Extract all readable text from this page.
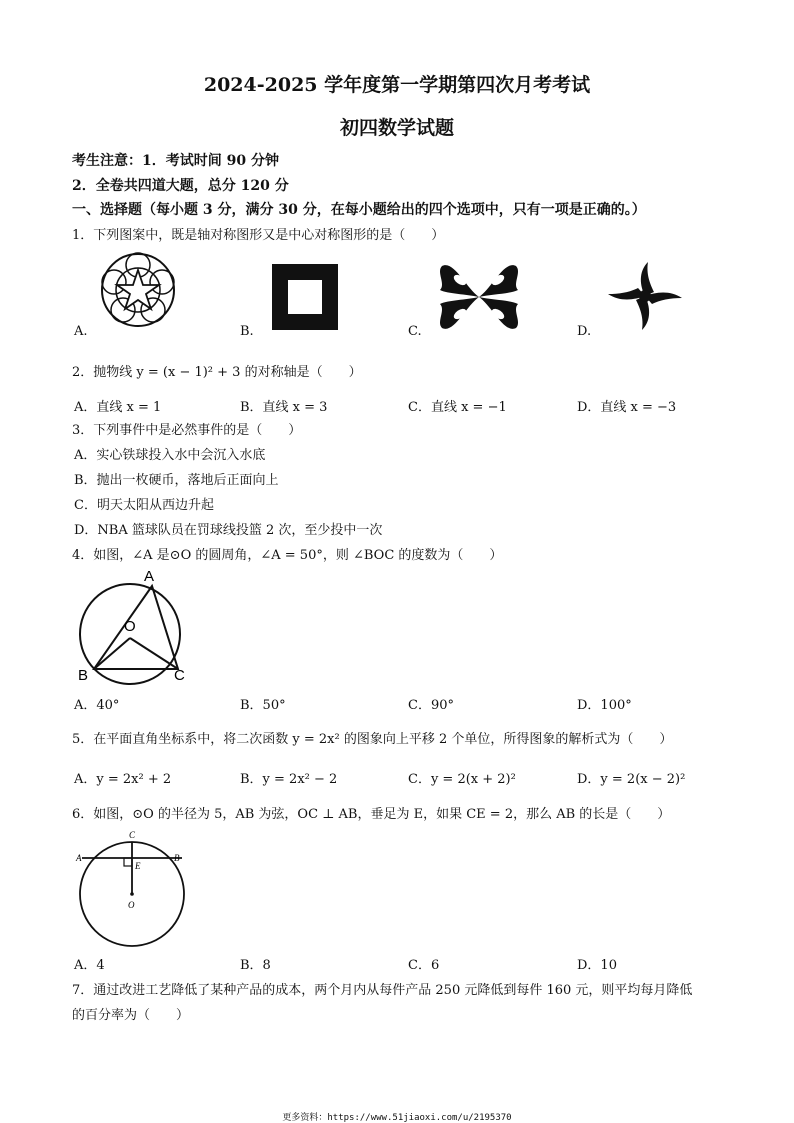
2024-2025 学年度第一学期第四次月考考试
初四数学试题
考生注意：1．考试时间 90 分钟
2．全卷共四道大题，总分 120 分
一、选择题（每小题 3 分，满分 30 分，在每小题给出的四个选项中，只有一项是正确的。）
1．下列图案中，既是轴对称图形又是中心对称图形的是（　　）
A.	B.	C.	D.
2．抛物线 y = (x − 1)² + 3 的对称轴是（　　）
A．直线 x = 1	B．直线 x = 3	C．直线 x = −1	D．直线 x = −3
3．下列事件中是必然事件的是（　　）
A．实心铁球投入水中会沉入水底
B．抛出一枚硬币，落地后正面向上
C．明天太阳从西边升起
D．NBA 篮球队员在罚球线投篮 2 次，至少投中一次
4．如图，∠A 是⊙O 的圆周角，∠A = 50°，则 ∠BOC 的度数为（　　）
A
O
B	C
A．40°	B．50°	C．90°	D．100°
5．在平面直角坐标系中，将二次函数 y = 2x² 的图象向上平移 2 个单位，所得图象的解析式为（　　）
A．y = 2x² + 2	B．y = 2x² − 2	C．y = 2(x + 2)²	D．y = 2(x − 2)²
6．如图，⊙O 的半径为 5，AB 为弦，OC ⊥ AB，垂足为 E，如果 CE = 2，那么 AB 的长是（　　）
C
A
E
B
O
A．4	B．8	C．6	D．10
7．通过改进工艺降低了某种产品的成本，两个月内从每件产品 250 元降低到每件 160 元，则平均每月降低
的百分率为（　　）
更多资料：https://www.51jiaoxi.com/u/2195370
